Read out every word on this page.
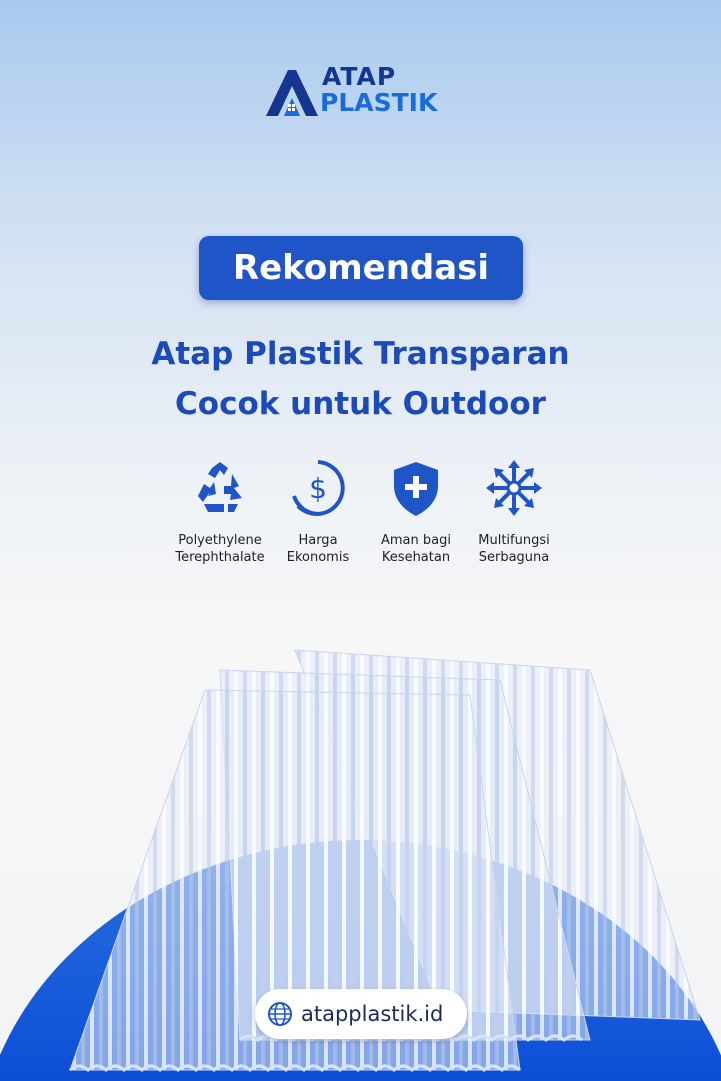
ATAP
PLASTIK
Rekomendasi
Atap Plastik Transparan
Cocok untuk Outdoor
Polyethylene
Terephthalate
$
Harga
Ekonomis
Aman bagi
Kesehatan
Multifungsi
Serbaguna
atapplastik.id
